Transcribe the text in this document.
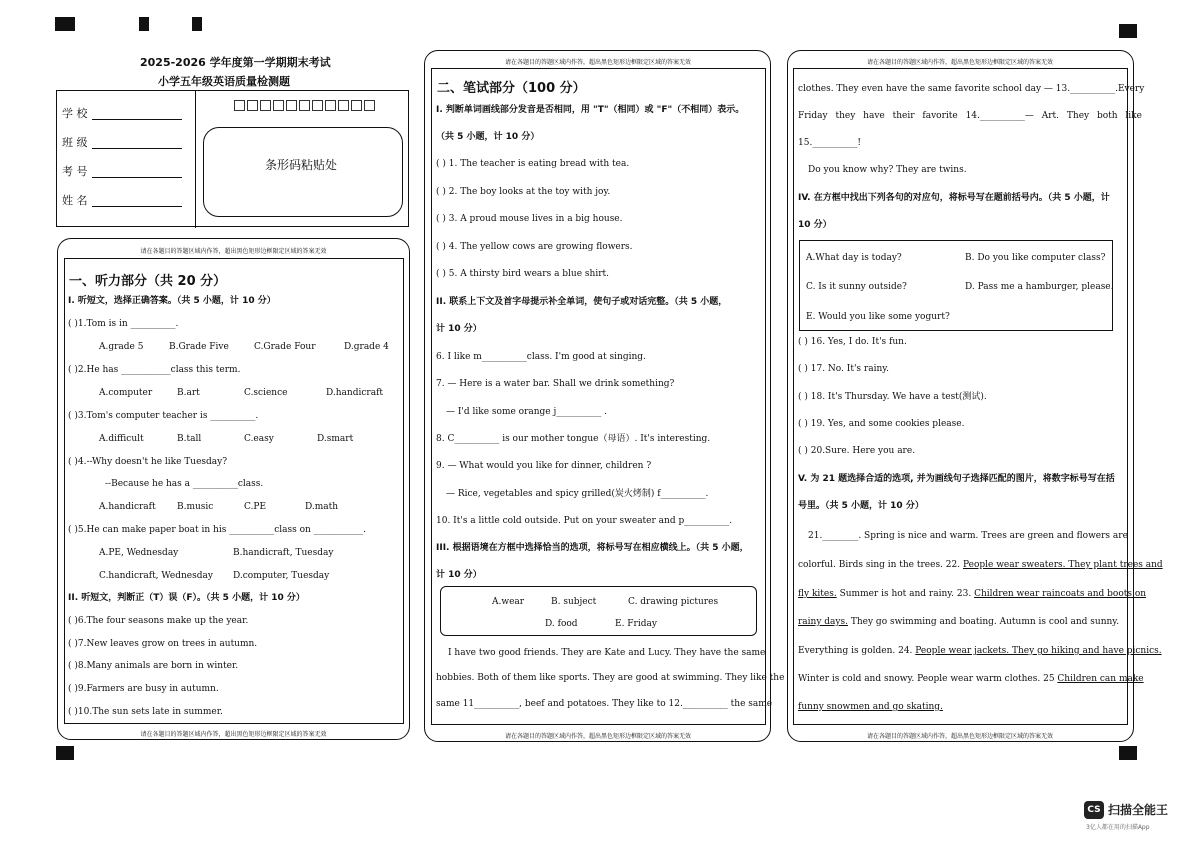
2025-2026 学年度第一学期期末考试
小学五年级英语质量检测题
学 校
班 级
考 号
姓 名
条形码粘贴处
请在各题目的答题区域内作答，超出黑色矩形边框限定区域的答案无效
请在各题目的答题区域内作答，超出黑色矩形边框限定区域的答案无效
一、听力部分（共 20 分）
I. 听短文，选择正确答案。（共 5 小题，计 10 分）
( )1.Tom is in __________.
A.grade 5	B.Grade Five	C.Grade Four	D.grade 4
( )2.He has ___________class this term.
A.computer	B.art	C.science	D.handicraft
( )3.Tom's computer teacher is __________.
A.difficult	B.tall	C.easy	D.smart
( )4.--Why doesn't he like Tuesday?
--Because he has a __________class.
A.handicraft B.music	C.PE	D.math
( )5.He can make paper boat in his __________class on ___________.
A.PE, Wednesday	B.handicraft, Tuesday
C.handicraft, Wednesday D.computer, Tuesday
II. 听短文，判断正（T）误（F）。（共 5 小题，计 10 分）
( )6.The four seasons make up the year.
( )7.New leaves grow on trees in autumn.
( )8.Many animals are born in winter.
( )9.Farmers are busy in autumn.
( )10.The sun sets late in summer.
请在各题目的答题区域内作答，超出黑色矩形边框限定区域的答案无效
请在各题目的答题区域内作答，超出黑色矩形边框限定区域的答案无效
二、笔试部分（100 分）
I. 判断单词画线部分发音是否相同，用 "T"（相同）或 "F"（不相同）表示。
（共 5 小题，计 10 分）
( ) 1. The teacher is eating bread with tea.
( ) 2. The boy looks at the toy with joy.
( ) 3. A proud mouse lives in a big house.
( ) 4. The yellow cows are growing flowers.
( ) 5. A thirsty bird wears a blue shirt.
II. 联系上下文及首字母提示补全单词，使句子或对话完整。（共 5 小题，
计 10 分）
6. I like m__________class. I'm good at singing.
7. — Here is a water bar. Shall we drink something?
— I'd like some orange j__________ .
8. C__________ is our mother tongue（母语）. It's interesting.
9. — What would you like for dinner, children ?
— Rice, vegetables and spicy grilled(炭火烤制) f__________.
10. It's a little cold outside. Put on your sweater and p__________.
III. 根据语境在方框中选择恰当的选项，将标号写在相应横线上。（共 5 小题，
计 10 分）
A.wear	B. subject	C. drawing pictures
D. food	E. Friday
I have two good friends. They are Kate and Lucy. They have the same
hobbies. Both of them like sports. They are good at swimming. They like the
same 11__________, beef and potatoes. They like to 12.__________ the same
请在各题目的答题区域内作答，超出黑色矩形边框限定区域的答案无效
请在各题目的答题区域内作答，超出黑色矩形边框限定区域的答案无效
clothes. They even have the same favorite school day — 13.__________.Every
Friday they have their favorite 14.__________— Art. They both like
15.__________!
Do you know why? They are twins.
IV. 在方框中找出下列各句的对应句，将标号写在题前括号内。（共 5 小题，计
10 分）
A.What day is today?	B. Do you like computer class?
C. Is it sunny outside?	D. Pass me a hamburger, please.
E. Would you like some yogurt?
( ) 16. Yes, I do. It's fun.
( ) 17. No. It's rainy.
( ) 18. It's Thursday. We have a test(测试).
( ) 19. Yes, and some cookies please.
( ) 20.Sure. Here you are.
V. 为 21 题选择合适的选项, 并为画线句子选择匹配的图片，将数字标号写在括
号里。（共 5 小题，计 10 分）
21.________. Spring is nice and warm. Trees are green and flowers are
colorful. Birds sing in the trees. 22. People wear sweaters. They plant trees and
fly kites. Summer is hot and rainy. 23. Children wear raincoats and boots on
rainy days. They go swimming and boating. Autumn is cool and sunny.
Everything is golden. 24. People wear jackets. They go hiking and have picnics.
Winter is cold and snowy. People wear warm clothes. 25 Children can make
funny snowmen and go skating.
CS 扫描全能王
3亿人都在用的扫描App
